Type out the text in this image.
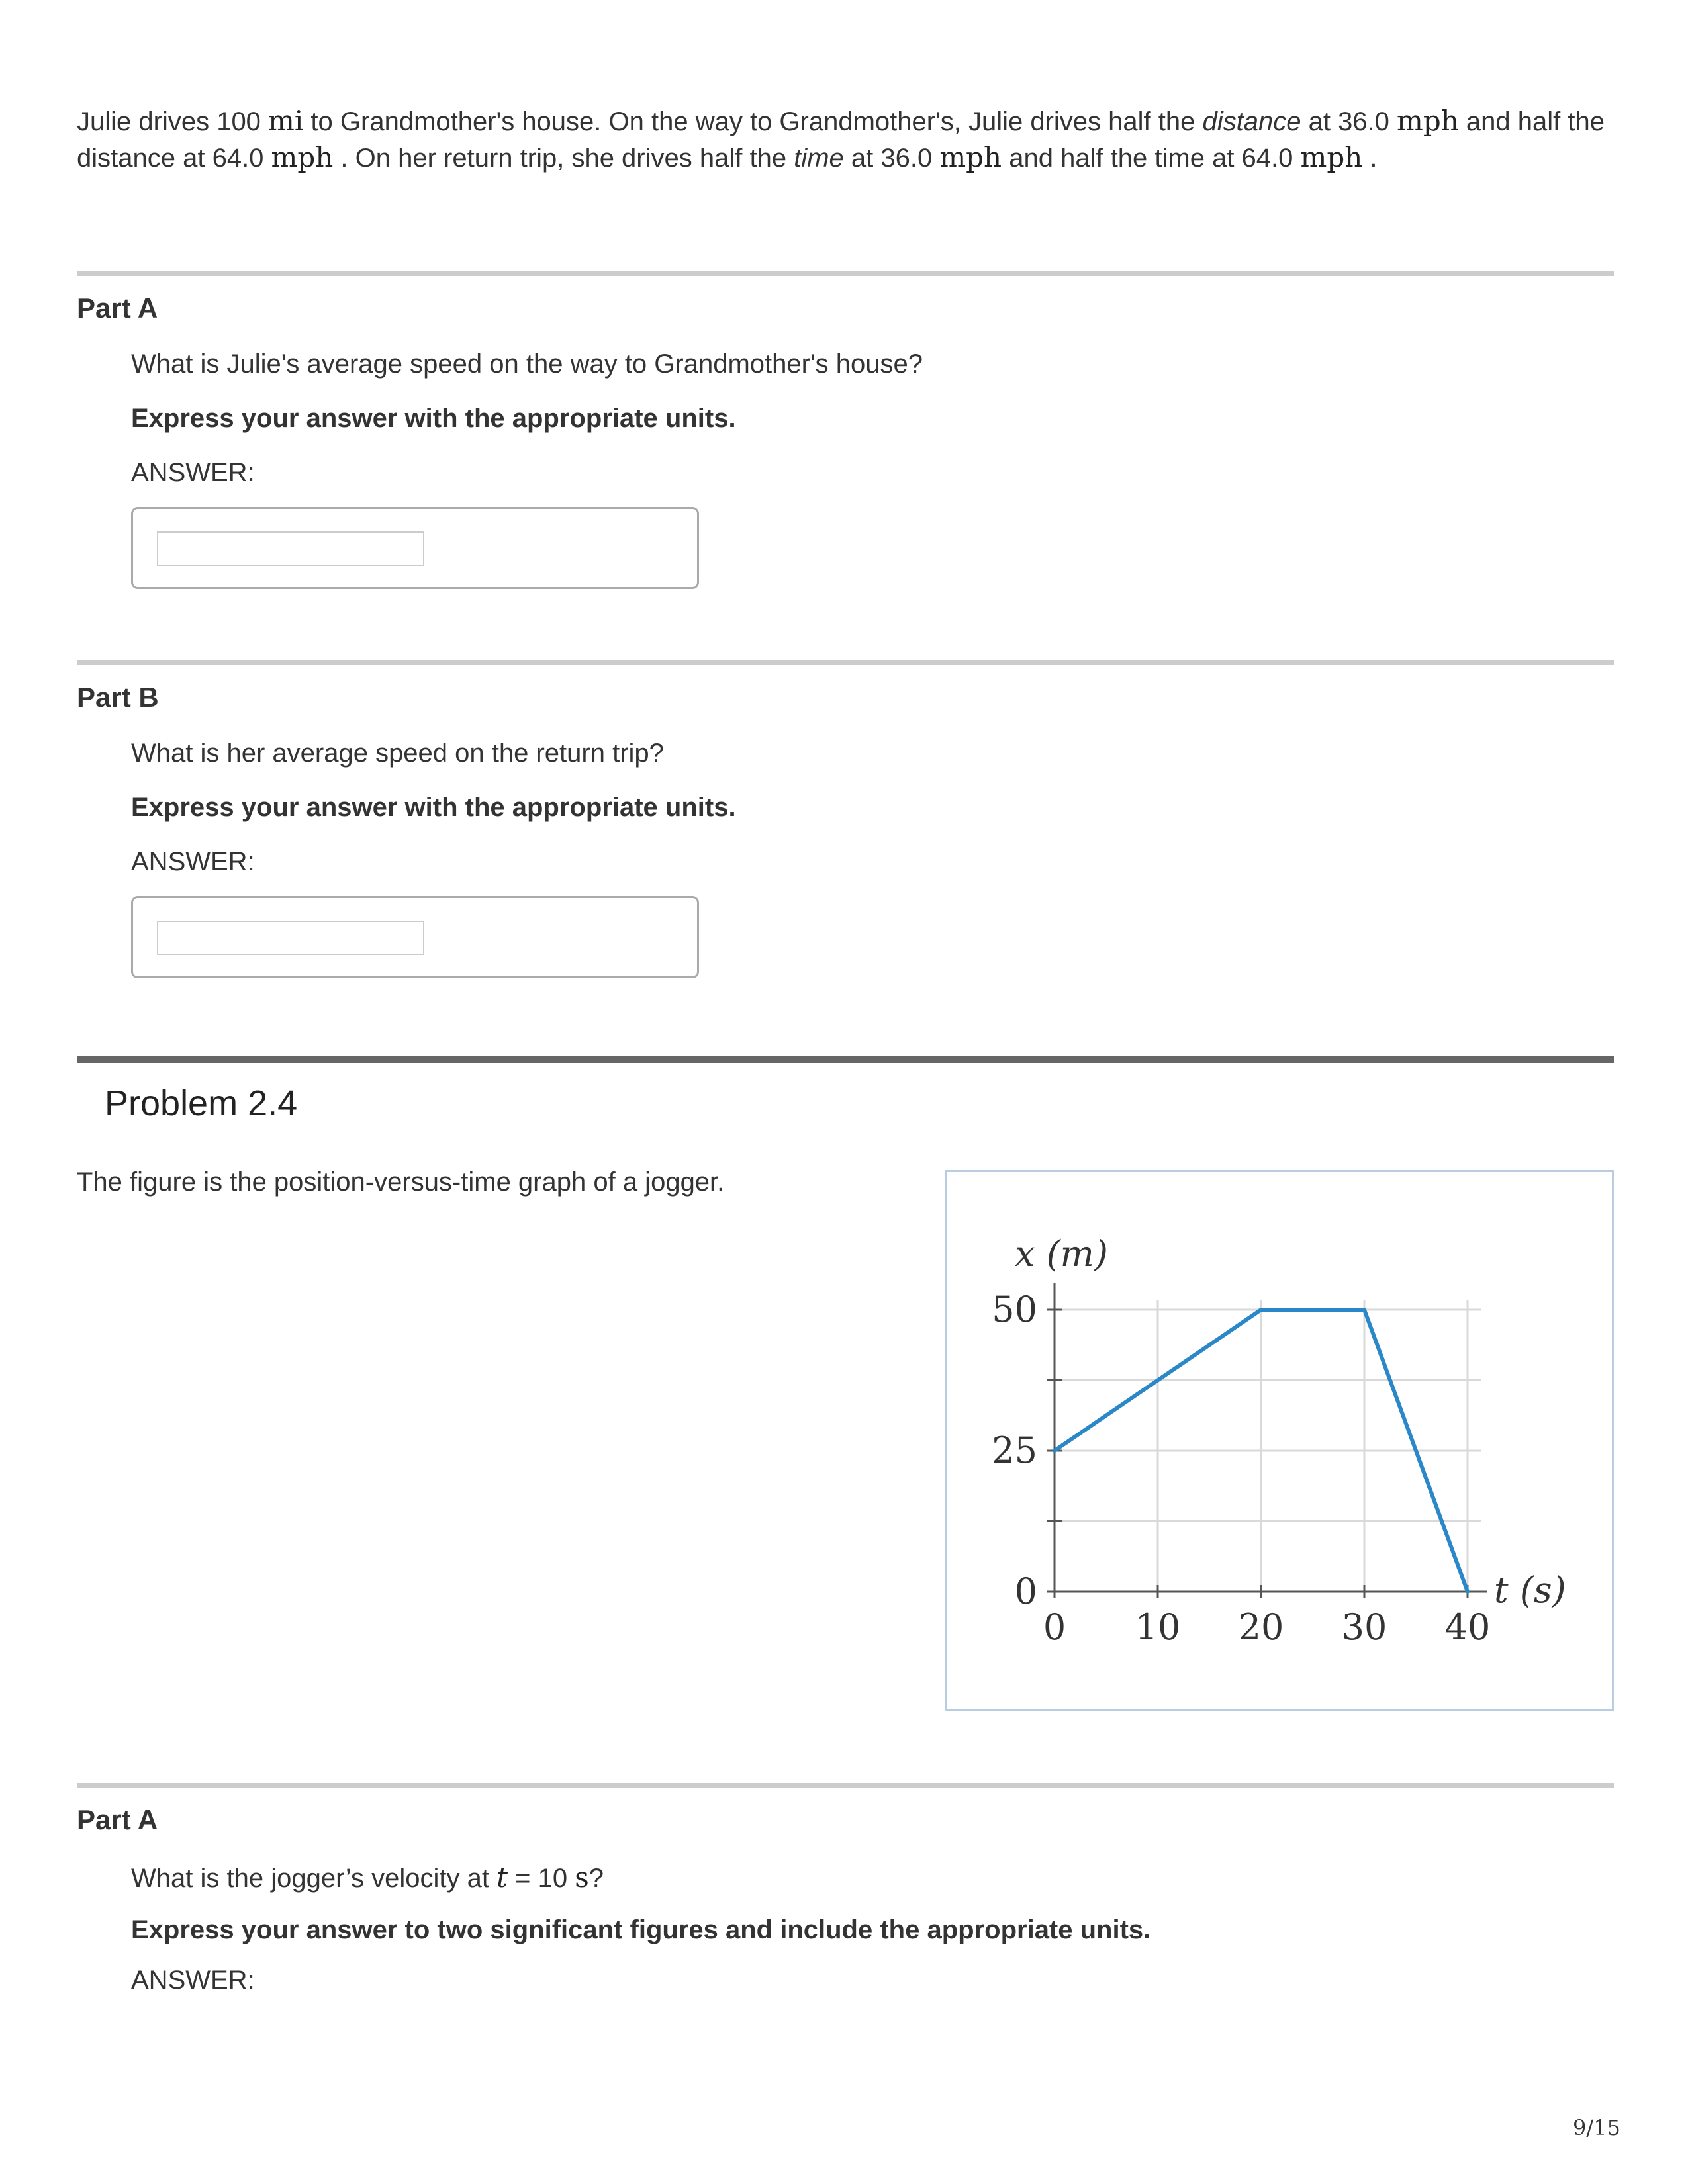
Julie drives 100 mi to Grandmother's house. On the way to Grandmother's, Julie drives half the distance at 36.0 mph and half the distance at 64.0 mph . On her return trip, she drives half the time at 36.0 mph and half the time at 64.0 mph .
Part A
What is Julie's average speed on the way to Grandmother's house?
Express your answer with the appropriate units.
ANSWER:
Part B
What is her average speed on the return trip?
Express your answer with the appropriate units.
ANSWER:
Problem 2.4
The figure is the position-versus-time graph of a jogger.
0 10 20 30 40
0
25
50
x (m)
t (s)
Part A
What is the jogger’s velocity at t = 10 s?
Express your answer to two significant figures and include the appropriate units.
ANSWER:
9/15
